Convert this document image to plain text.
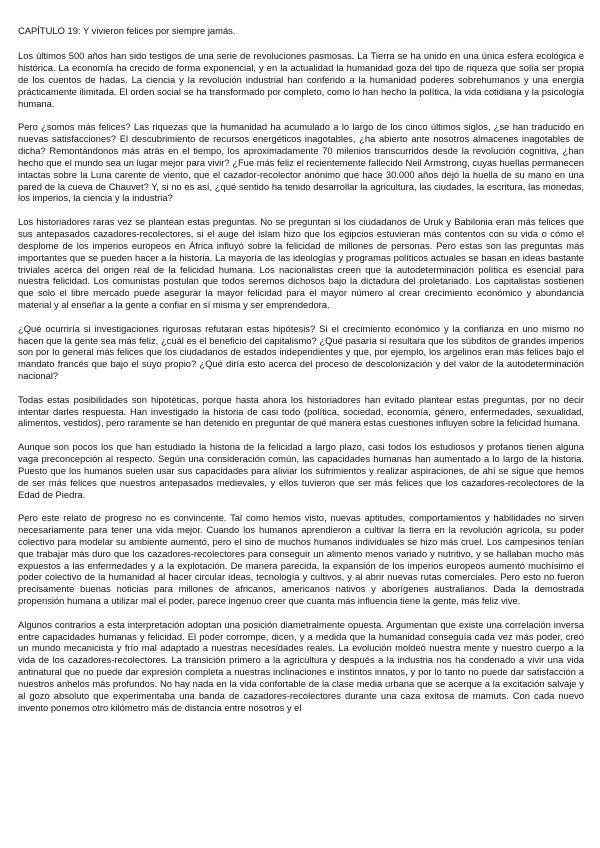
CAPÍTULO 19: Y vivieron felices por siempre jamás.

Los últimos 500 años han sido testigos de una serie de revoluciones pasmosas. La Tierra se ha unido en una única esfera ecológica e histórica. La economía ha crecido de forma exponencial, y en la actualidad la humanidad goza del tipo de riqueza que solía ser propia de los cuentos de hadas. La ciencia y la revolución industrial han conferido a la humanidad poderes sobrehumanos y una energía prácticamente ilimitada. El orden social se ha transformado por completo, como lo han hecho la política, la vida cotidiana y la psicología humana.

Pero ¿somos más felices? Las riquezas que la humanidad ha acumulado a lo largo de los cinco últimos siglos, ¿se han traducido en nuevas satisfacciones? El descubrimiento de recursos energéticos inagotables, ¿ha abierto ante nosotros almacenes inagotables de dicha? Remontándonos más atrás en el tiempo, los aproximadamente 70 milenios transcurridos desde la revolución cognitiva, ¿han hecho que el mundo sea un lugar mejor para vivir? ¿Fue más feliz el recientemente fallecido Neil Armstrong, cuyas huellas permanecen intactas sobre la Luna carente de viento, que el cazador-recolector anónimo que hace 30.000 años dejó la huella de su mano en una pared de la cueva de Chauvet? Y, si no es así, ¿qué sentido ha tenido desarrollar la agricultura, las ciudades, la escritura, las monedas, los imperios, la ciencia y la industria?

Los historiadores raras vez se plantean estas preguntas. No se preguntan si los ciudadanos de Uruk y Babilonia eran más felices que sus antepasados cazadores-recolectores, si el auge del islam hizo que los egipcios estuvieran más contentos con su vida o cómo el desplome de los imperios europeos en África influyó sobre la felicidad de millones de personas. Pero estas son las preguntas más importantes que se pueden hacer a la historia. La mayoría de las ideologías y programas políticos actuales se basan en ideas bastante triviales acerca del origen real de la felicidad humana. Los nacionalistas creen que la autodeterminación política es esencial para nuestra felicidad. Los comunistas postulan que todos seremos dichosos bajo la dictadura del proletariado. Los capitalistas sostienen que solo el libre mercado puede asegurar la mayor felicidad para el mayor número al crear crecimiento económico y abundancia material y al enseñar a la gente a confiar en sí misma y ser emprendedora.

¿Qué ocurriría si investigaciones rigurosas refutaran estas hipótesis? Si el crecimiento económico y la confianza en uno mismo no hacen que la gente sea más feliz, ¿cuál es el beneficio del capitalismo? ¿Qué pasaría si resultara que los súbditos de grandes imperios son por lo general más felices que los ciudadanos de estados independientes y que, por ejemplo, los argelinos eran más felices bajo el mandato francés que bajo el suyo propio? ¿Qué diría esto acerca del proceso de descolonización y del valor de la autodeterminación nacional?

Todas estas posibilidades son hipotéticas, porque hasta ahora los historiadores han evitado plantear estas preguntas, por no decir intentar darles respuesta. Han investigado la historia de casi todo (política, sociedad, economía, género, enfermedades, sexualidad, alimentos, vestidos), pero raramente se han detenido en preguntar de qué manera estas cuestiones influyen sobre la felicidad humana.

Aunque son pocos los que han estudiado la historia de la felicidad a largo plazo, casi todos los estudiosos y profanos tienen alguna vaga preconcepción al respecto. Según una consideración común, las capacidades humanas han aumentado a lo largo de la historia. Puesto que los humanos suelen usar sus capacidades para aliviar los sufrimientos y realizar aspiraciones, de ahí se sigue que hemos de ser más felices que nuestros antepasados medievales, y ellos tuvieron que ser más felices que los cazadores-recolectores de la Edad de Piedra.

Pero este relato de progreso no es convincente. Tal como hemos visto, nuevas aptitudes, comportamientos y habilidades no sirven necesariamente para tener una vida mejor. Cuando los humanos aprendieron a cultivar la tierra en la revolución agrícola, su poder colectivo para modelar su ambiente aumentó, pero el sino de muchos humanos individuales se hizo más cruel. Los campesinos tenían que trabajar más duro que los cazadores-recolectores para conseguir un alimento menos variado y nutritivo, y se hallaban mucho más expuestos a las enfermedades y a la explotación. De manera parecida, la expansión de los imperios europeos aumentó muchísimo el poder colectivo de la humanidad al hacer circular ideas, tecnología y cultivos, y al abrir nuevas rutas comerciales. Pero esto no fueron precisamente buenas noticias para millones de africanos, americanos nativos y aborígenes australianos. Dada la demostrada propensión humana a utilizar mal el poder, parece ingenuo creer que cuanta más influencia tiene la gente, más feliz vive.

Algunos contrarios a esta interpretación adoptan una posición diametralmente opuesta. Argumentan que existe una correlación inversa entre capacidades humanas y felicidad. El poder corrompe, dicen, y a medida que la humanidad conseguía cada vez más poder, creó un mundo mecanicista y frío mal adaptado a nuestras necesidades reales. La evolución moldeó nuestra mente y nuestro cuerpo a la vida de los cazadores-recolectores. La transición primero a la agricultura y después a la industria nos ha condenado a vivir una vida antinatural que no puede dar expresión completa a nuestras inclinaciones e instintos innatos, y por lo tanto no puede dar satisfacción a nuestros anhelos más profundos. No hay nada en la vida confortable de la clase media urbana que se acerque a la excitación salvaje y al gozo absoluto que experimentaba una banda de cazadores-recolectores durante una caza exitosa de mamuts. Con cada nuevo invento ponemos otro kilómetro más de distancia entre nosotros y el
